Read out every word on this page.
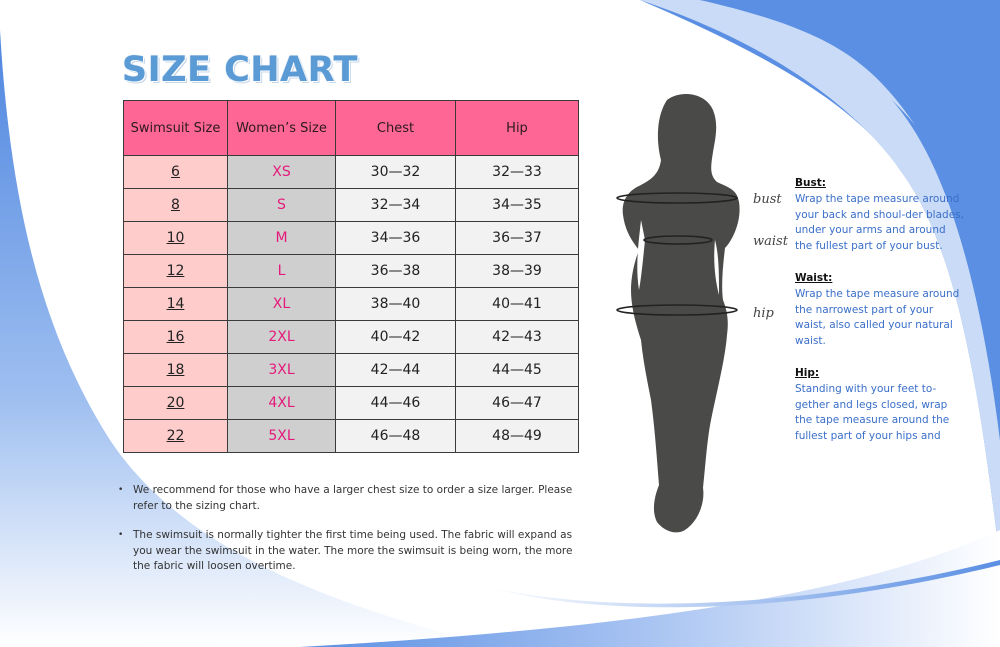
SIZE CHART
Swimsuit Size	Women’s Size	Chest	Hip
6	XS	30—32	32—33
8	S	32—34	34—35
10	M	34—36	36—37
12	L	36—38	38—39
14	XL	38—40	40—41
16	2XL	40—42	42—43
18	3XL	42—44	44—45
20	4XL	44—46	46—47
22	5XL	46—48	48—49
• We recommend for those who have a larger chest size to order a size larger. Please refer to the sizing chart.
• The swimsuit is normally tighter the first time being used. The fabric will expand as you wear the swimsuit in the water. The more the swimsuit is being worn, the more the fabric will loosen overtime.
bust
waist
hip
Bust:

Wrap the tape measure around your back and shoul-der blades, under your arms and around the fullest part of your bust.

Waist:

Wrap the tape measure around the narrowest part of your waist, also called your natural waist.

Hip:

Standing with your feet to-gether and legs closed, wrap the tape measure around the fullest part of your hips and
